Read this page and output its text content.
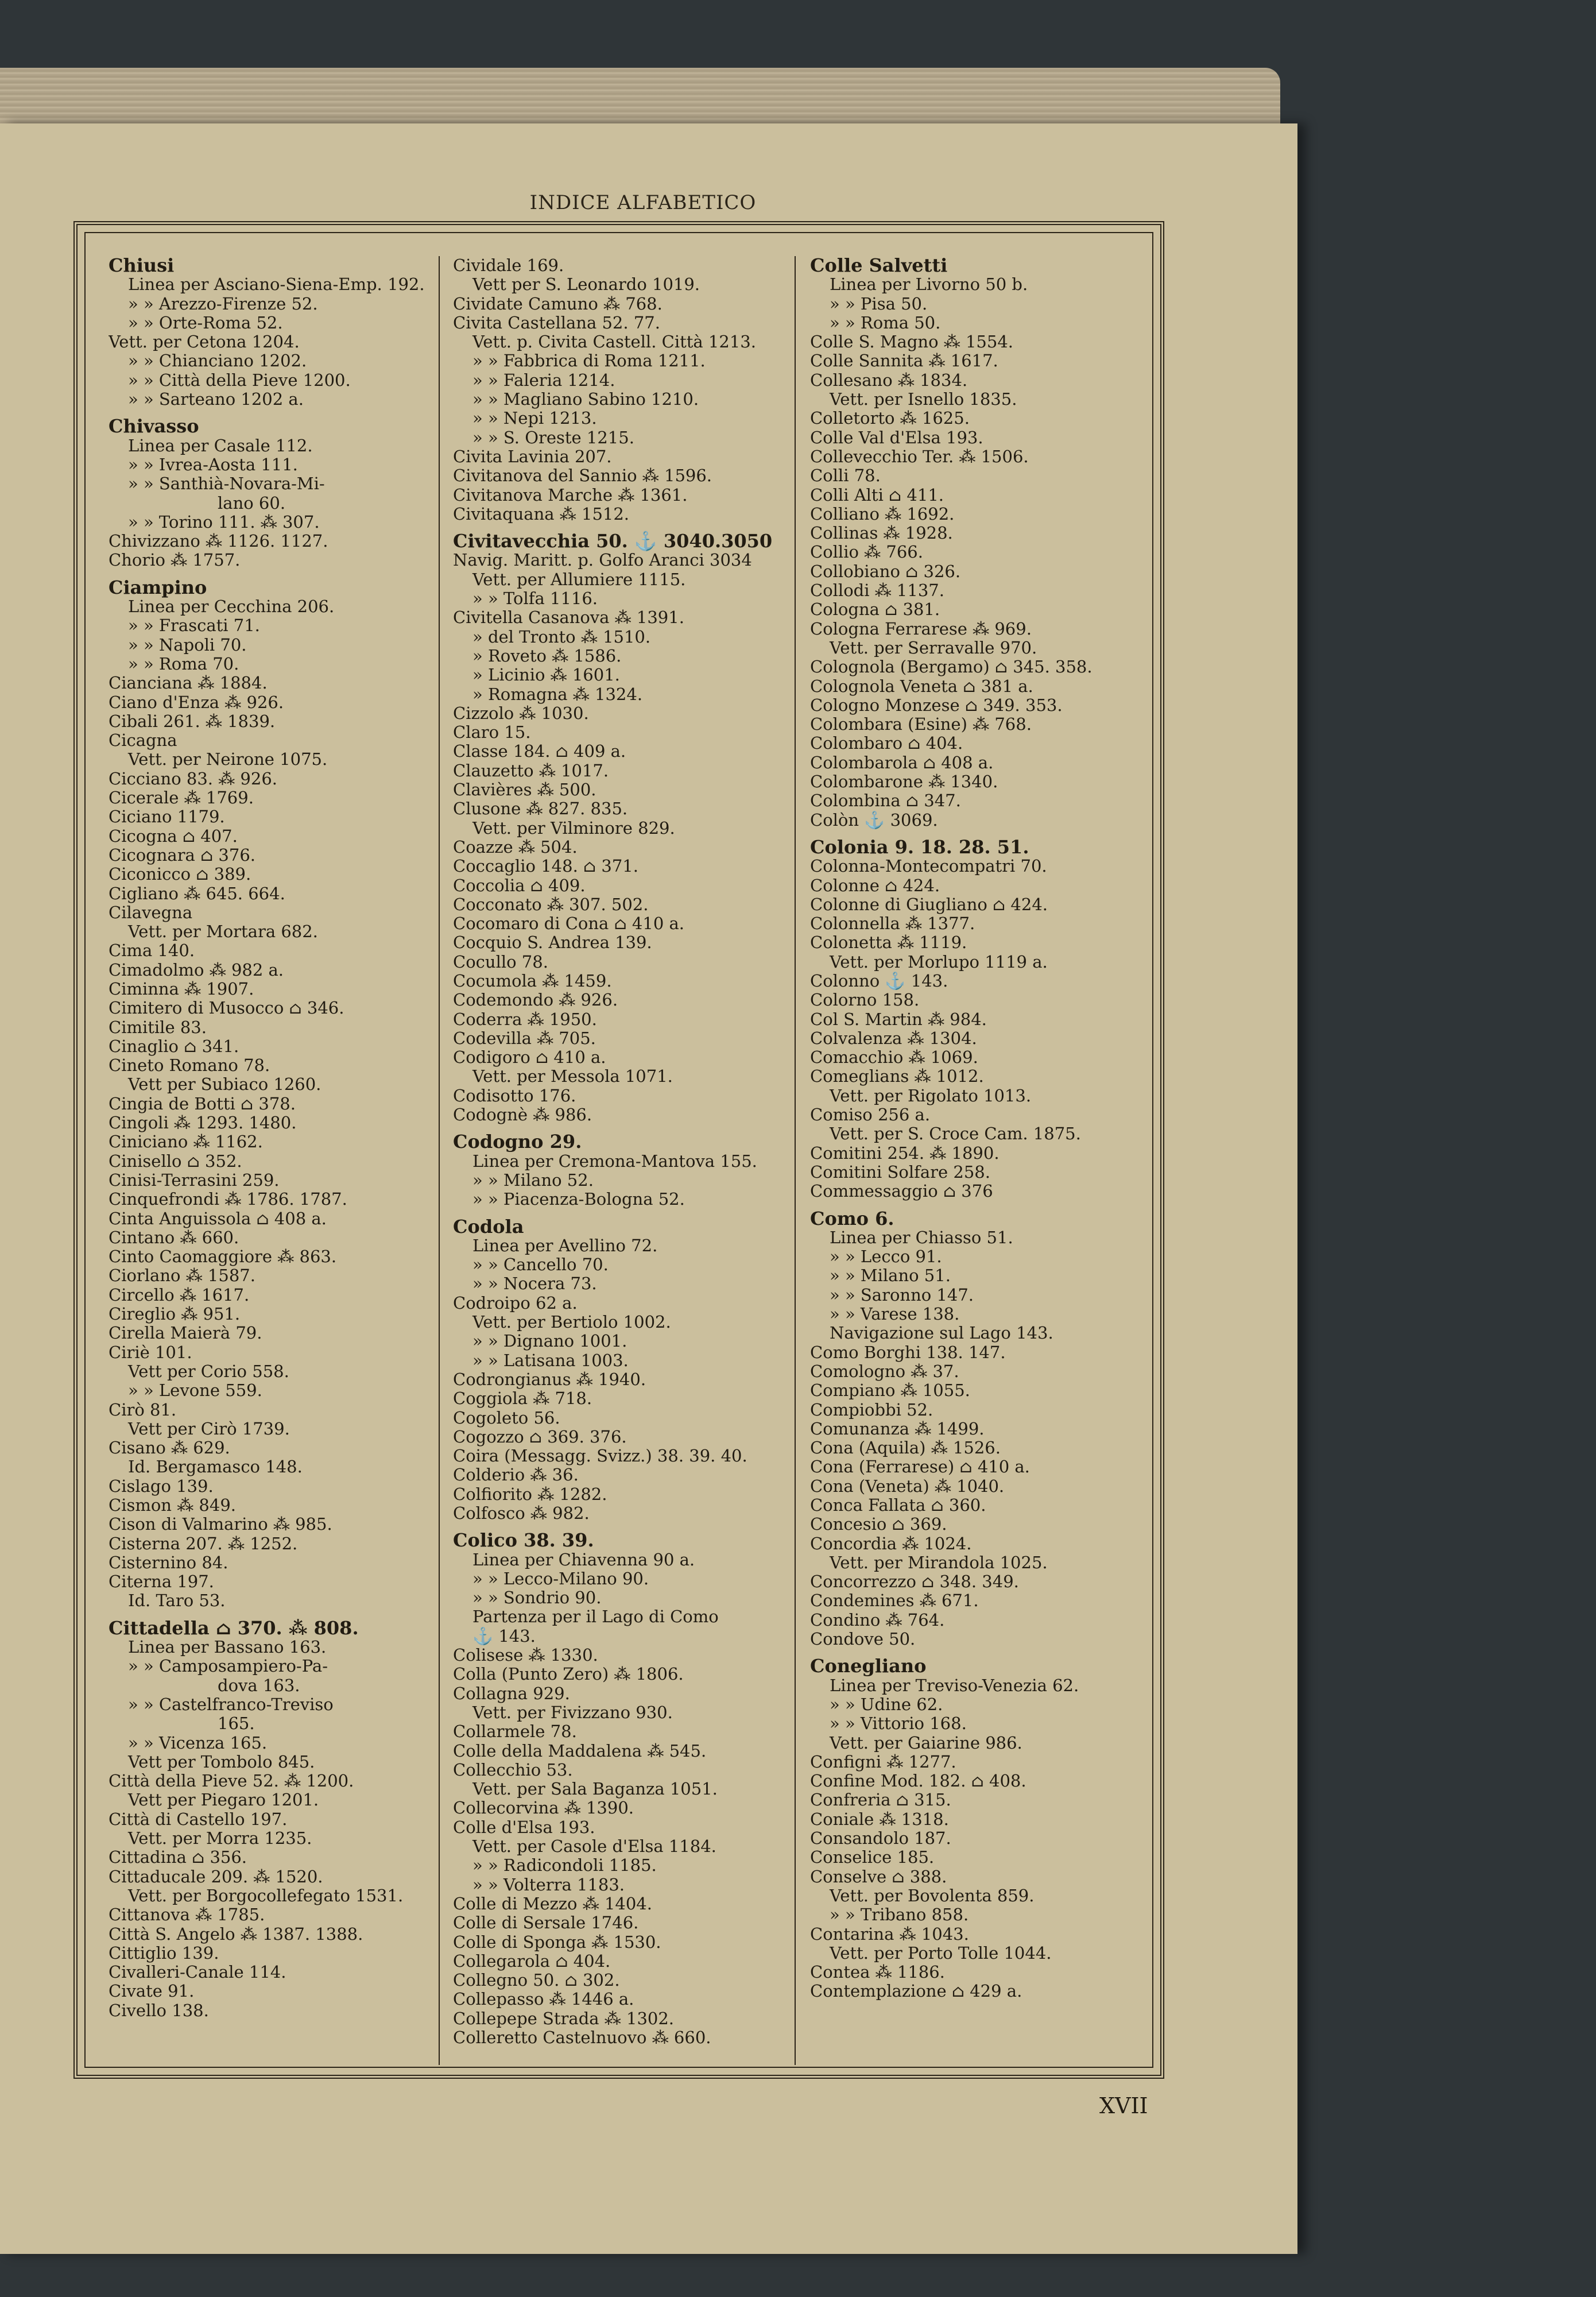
INDICE ALFABETICO
Chiusi
Linea per Asciano-Siena-Emp. 192.
» » Arezzo-Firenze 52.
» » Orte-Roma 52.
Vett. per Cetona 1204.
» » Chianciano 1202.
» » Città della Pieve 1200.
» » Sarteano 1202 a.
Chivasso
Linea per Casale 112.
» » Ivrea-Aosta 111.
» » Santhià-Novara-Mi-
lano 60.
» » Torino 111. ⁂ 307.
Chivizzano ⁂ 1126. 1127.
Chorio ⁂ 1757.
Ciampino
Linea per Cecchina 206.
» » Frascati 71.
» » Napoli 70.
» » Roma 70.
Cianciana ⁂ 1884.
Ciano d'Enza ⁂ 926.
Cibali 261. ⁂ 1839.
Cicagna
Vett. per Neirone 1075.
Cicciano 83. ⁂ 926.
Cicerale ⁂ 1769.
Ciciano 1179.
Cicogna ⌂ 407.
Cicognara ⌂ 376.
Ciconicco ⌂ 389.
Cigliano ⁂ 645. 664.
Cilavegna
Vett. per Mortara 682.
Cima 140.
Cimadolmo ⁂ 982 a.
Ciminna ⁂ 1907.
Cimitero di Musocco ⌂ 346.
Cimitile 83.
Cinaglio ⌂ 341.
Cineto Romano 78.
Vett per Subiaco 1260.
Cingia de Botti ⌂ 378.
Cingoli ⁂ 1293. 1480.
Ciniciano ⁂ 1162.
Cinisello ⌂ 352.
Cinisi-Terrasini 259.
Cinquefrondi ⁂ 1786. 1787.
Cinta Anguissola ⌂ 408 a.
Cintano ⁂ 660.
Cinto Caomaggiore ⁂ 863.
Ciorlano ⁂ 1587.
Circello ⁂ 1617.
Cireglio ⁂ 951.
Cirella Maierà 79.
Ciriè 101.
Vett per Corio 558.
» » Levone 559.
Cirò 81.
Vett per Cirò 1739.
Cisano ⁂ 629.
Id. Bergamasco 148.
Cislago 139.
Cismon ⁂ 849.
Cison di Valmarino ⁂ 985.
Cisterna 207. ⁂ 1252.
Cisternino 84.
Citerna 197.
Id. Taro 53.
Cittadella ⌂ 370. ⁂ 808.
Linea per Bassano 163.
» » Camposampiero-Pa-
dova 163.
» » Castelfranco-Treviso
165.
» » Vicenza 165.
Vett per Tombolo 845.
Città della Pieve 52. ⁂ 1200.
Vett per Piegaro 1201.
Città di Castello 197.
Vett. per Morra 1235.
Cittadina ⌂ 356.
Cittaducale 209. ⁂ 1520.
Vett. per Borgocollefegato 1531.
Cittanova ⁂ 1785.
Città S. Angelo ⁂ 1387. 1388.
Cittiglio 139.
Civalleri-Canale 114.
Civate 91.
Civello 138.
Cividale 169.
Vett per S. Leonardo 1019.
Cividate Camuno ⁂ 768.
Civita Castellana 52. 77.
Vett. p. Civita Castell. Città 1213.
» » Fabbrica di Roma 1211.
» » Faleria 1214.
» » Magliano Sabino 1210.
» » Nepi 1213.
» » S. Oreste 1215.
Civita Lavinia 207.
Civitanova del Sannio ⁂ 1596.
Civitanova Marche ⁂ 1361.
Civitaquana ⁂ 1512.
Civitavecchia 50. ⚓ 3040.3050
Navig. Maritt. p. Golfo Aranci 3034
Vett. per Allumiere 1115.
» » Tolfa 1116.
Civitella Casanova ⁂ 1391.
» del Tronto ⁂ 1510.
» Roveto ⁂ 1586.
» Licinio ⁂ 1601.
» Romagna ⁂ 1324.
Cizzolo ⁂ 1030.
Claro 15.
Classe 184. ⌂ 409 a.
Clauzetto ⁂ 1017.
Clavières ⁂ 500.
Clusone ⁂ 827. 835.
Vett. per Vilminore 829.
Coazze ⁂ 504.
Coccaglio 148. ⌂ 371.
Coccolia ⌂ 409.
Cocconato ⁂ 307. 502.
Cocomaro di Cona ⌂ 410 a.
Cocquio S. Andrea 139.
Cocullo 78.
Cocumola ⁂ 1459.
Codemondo ⁂ 926.
Coderra ⁂ 1950.
Codevilla ⁂ 705.
Codigoro ⌂ 410 a.
Vett. per Messola 1071.
Codisotto 176.
Codognè ⁂ 986.
Codogno 29.
Linea per Cremona-Mantova 155.
» » Milano 52.
» » Piacenza-Bologna 52.
Codola
Linea per Avellino 72.
» » Cancello 70.
» » Nocera 73.
Codroipo 62 a.
Vett. per Bertiolo 1002.
» » Dignano 1001.
» » Latisana 1003.
Codrongianus ⁂ 1940.
Coggiola ⁂ 718.
Cogoleto 56.
Cogozzo ⌂ 369. 376.
Coira (Messagg. Svizz.) 38. 39. 40.
Colderio ⁂ 36.
Colfiorito ⁂ 1282.
Colfosco ⁂ 982.
Colico 38. 39.
Linea per Chiavenna 90 a.
» » Lecco-Milano 90.
» » Sondrio 90.
Partenza per il Lago di Como
⚓ 143.
Colisese ⁂ 1330.
Colla (Punto Zero) ⁂ 1806.
Collagna 929.
Vett. per Fivizzano 930.
Collarmele 78.
Colle della Maddalena ⁂ 545.
Collecchio 53.
Vett. per Sala Baganza 1051.
Collecorvina ⁂ 1390.
Colle d'Elsa 193.
Vett. per Casole d'Elsa 1184.
» » Radicondoli 1185.
» » Volterra 1183.
Colle di Mezzo ⁂ 1404.
Colle di Sersale 1746.
Colle di Sponga ⁂ 1530.
Collegarola ⌂ 404.
Collegno 50. ⌂ 302.
Collepasso ⁂ 1446 a.
Collepepe Strada ⁂ 1302.
Colleretto Castelnuovo ⁂ 660.
Colle Salvetti
Linea per Livorno 50 b.
» » Pisa 50.
» » Roma 50.
Colle S. Magno ⁂ 1554.
Colle Sannita ⁂ 1617.
Collesano ⁂ 1834.
Vett. per Isnello 1835.
Colletorto ⁂ 1625.
Colle Val d'Elsa 193.
Collevecchio Ter. ⁂ 1506.
Colli 78.
Colli Alti ⌂ 411.
Colliano ⁂ 1692.
Collinas ⁂ 1928.
Collio ⁂ 766.
Collobiano ⌂ 326.
Collodi ⁂ 1137.
Cologna ⌂ 381.
Cologna Ferrarese ⁂ 969.
Vett. per Serravalle 970.
Colognola (Bergamo) ⌂ 345. 358.
Colognola Veneta ⌂ 381 a.
Cologno Monzese ⌂ 349. 353.
Colombara (Esine) ⁂ 768.
Colombaro ⌂ 404.
Colombarola ⌂ 408 a.
Colombarone ⁂ 1340.
Colombina ⌂ 347.
Colòn ⚓ 3069.
Colonia 9. 18. 28. 51.
Colonna-Montecompatri 70.
Colonne ⌂ 424.
Colonne di Giugliano ⌂ 424.
Colonnella ⁂ 1377.
Colonetta ⁂ 1119.
Vett. per Morlupo 1119 a.
Colonno ⚓ 143.
Colorno 158.
Col S. Martin ⁂ 984.
Colvalenza ⁂ 1304.
Comacchio ⁂ 1069.
Comeglians ⁂ 1012.
Vett. per Rigolato 1013.
Comiso 256 a.
Vett. per S. Croce Cam. 1875.
Comitini 254. ⁂ 1890.
Comitini Solfare 258.
Commessaggio ⌂ 376
Como 6.
Linea per Chiasso 51.
» » Lecco 91.
» » Milano 51.
» » Saronno 147.
» » Varese 138.
Navigazione sul Lago 143.
Como Borghi 138. 147.
Comologno ⁂ 37.
Compiano ⁂ 1055.
Compiobbi 52.
Comunanza ⁂ 1499.
Cona (Aquila) ⁂ 1526.
Cona (Ferrarese) ⌂ 410 a.
Cona (Veneta) ⁂ 1040.
Conca Fallata ⌂ 360.
Concesio ⌂ 369.
Concordia ⁂ 1024.
Vett. per Mirandola 1025.
Concorrezzo ⌂ 348. 349.
Condemines ⁂ 671.
Condino ⁂ 764.
Condove 50.
Conegliano
Linea per Treviso-Venezia 62.
» » Udine 62.
» » Vittorio 168.
Vett. per Gaiarine 986.
Configni ⁂ 1277.
Confine Mod. 182. ⌂ 408.
Confreria ⌂ 315.
Coniale ⁂ 1318.
Consandolo 187.
Conselice 185.
Conselve ⌂ 388.
Vett. per Bovolenta 859.
» » Tribano 858.
Contarina ⁂ 1043.
Vett. per Porto Tolle 1044.
Contea ⁂ 1186.
Contemplazione ⌂ 429 a.
XVII
